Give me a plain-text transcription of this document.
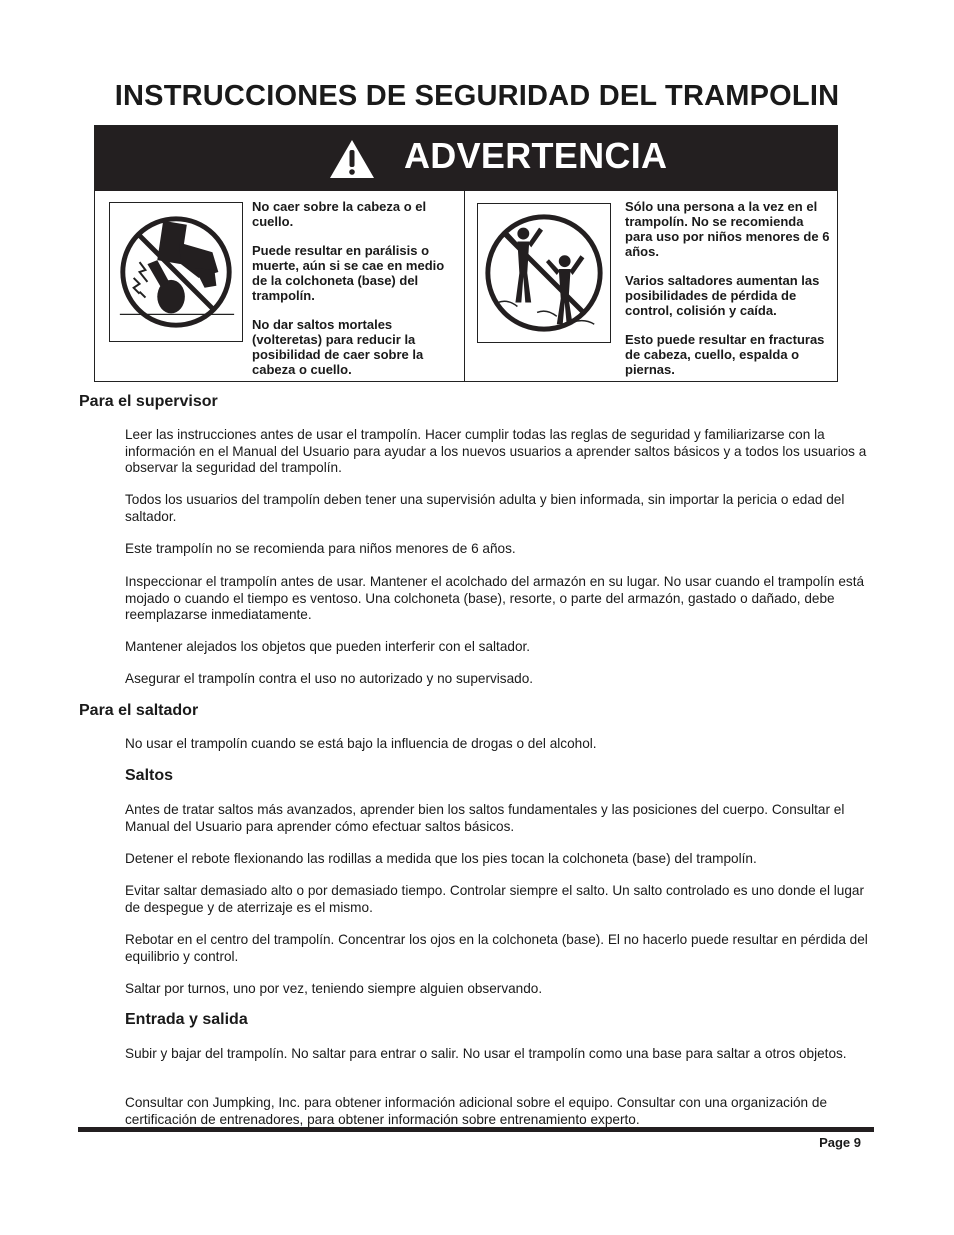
INSTRUCCIONES DE SEGURIDAD DEL TRAMPOLIN
ADVERTENCIA

No caer sobre la cabeza o el cuello.

Puede resultar en parálisis o muerte, aún si se cae en medio de la colchoneta (base) del trampolín.

No dar saltos mortales (volteretas) para reducir la posibilidad de caer sobre la cabeza o cuello.

Sólo una persona a la vez en el trampolín. No se recomienda para uso por niños menores de 6 años.

Varios saltadores aumentan las posibilidades de pérdida de control, colisión y caída.

Esto puede resultar en fracturas de cabeza, cuello, espalda o piernas.

Para el supervisor

Leer las instrucciones antes de usar el trampolín. Hacer cumplir todas las reglas de seguridad y familiarizarse con la información en el Manual del Usuario para ayudar a los nuevos usuarios a aprender saltos básicos y a todos los usuarios a observar la seguridad del trampolín.

Todos los usuarios del trampolín deben tener una supervisión adulta y bien informada, sin importar la pericia o edad del saltador.

Este trampolín no se recomienda para niños menores de 6 años.

Inspeccionar el trampolín antes de usar. Mantener el acolchado del armazón en su lugar. No usar cuando el trampolín está mojado o cuando el tiempo es ventoso. Una colchoneta (base), resorte, o parte del armazón, gastado o dañado, debe reemplazarse inmediatamente.

Mantener alejados los objetos que pueden interferir con el saltador.

Asegurar el trampolín contra el uso no autorizado y no supervisado.

Para el saltador

No usar el trampolín cuando se está bajo la influencia de drogas o del alcohol.

Saltos

Antes de tratar saltos más avanzados, aprender bien los saltos fundamentales y las posiciones del cuerpo. Consultar el Manual del Usuario para aprender cómo efectuar saltos básicos.

Detener el rebote flexionando las rodillas a medida que los pies tocan la colchoneta (base) del trampolín.

Evitar saltar demasiado alto o por demasiado tiempo. Controlar siempre el salto. Un salto controlado es uno donde el lugar de despegue y de aterrizaje es el mismo.

Rebotar en el centro del trampolín. Concentrar los ojos en la colchoneta (base). El no hacerlo puede resultar en pérdida del equilibrio y control.

Saltar por turnos, uno por vez, teniendo siempre alguien observando.

Entrada y salida

Subir y bajar del trampolín. No saltar para entrar o salir. No usar el trampolín como una base para saltar a otros objetos.

Consultar con Jumpking, Inc. para obtener información adicional sobre el equipo. Consultar con una organización de certificación de entrenadores, para obtener información sobre entrenamiento experto.

Page 9
